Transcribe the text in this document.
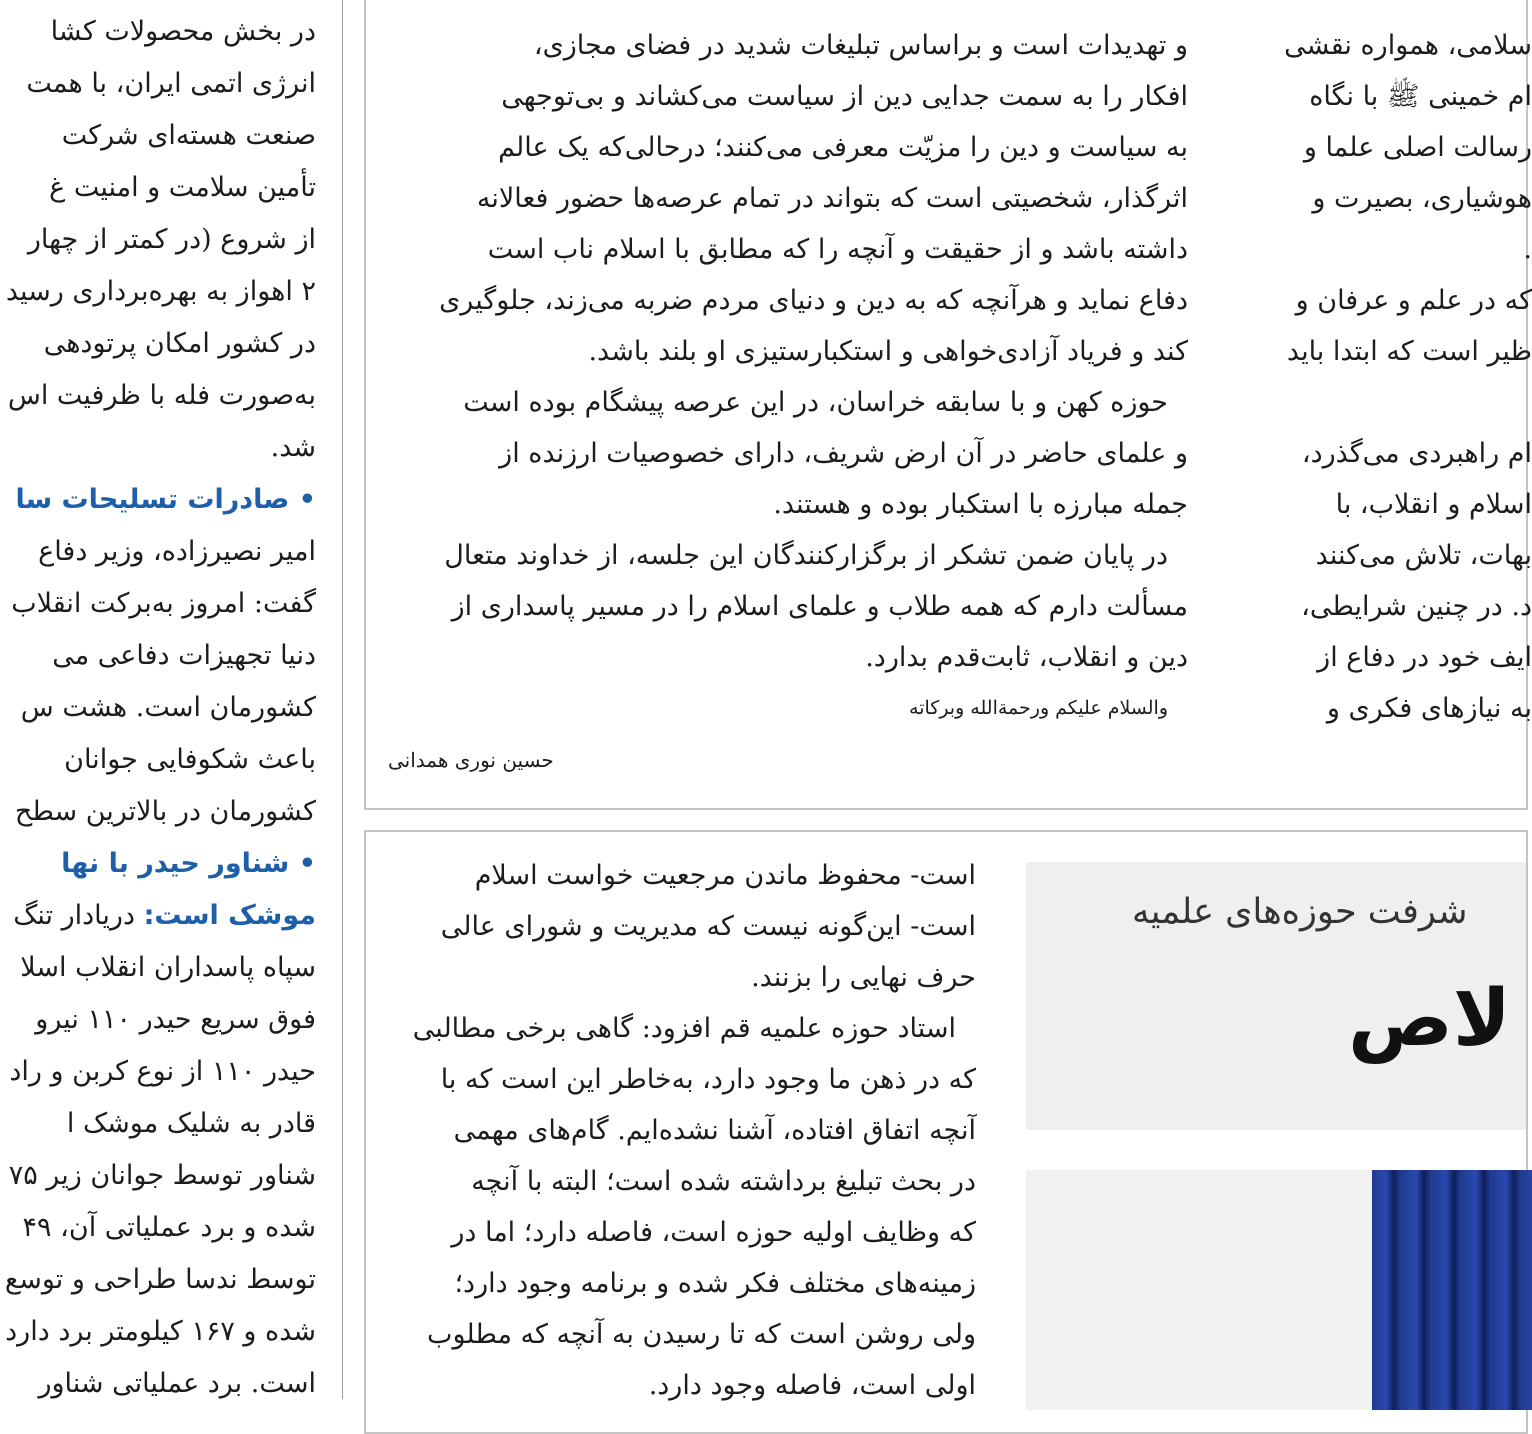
در بخش محصولات کشا
انرژی اتمی ایران، با همت
صنعت هسته‌ای شرکت
تأمین سلامت و امنیت غ
از شروع (در کمتر از چهار
۲ اهواز به بهره‌برداری رسید
در کشور امکان پرتودهی
به‌صورت فله با ظرفیت اس
شد.
• صادرات تسلیحات سا
امیر نصیرزاده، وزیر دفاع
گفت: امروز به‌برکت انقلاب
دنیا تجهیزات دفاعی می
کشورمان است. هشت س
باعث شکوفایی جوانان
کشورمان در بالاترین سطح
• شناور حیدر با نها
موشک است: دریادار تنگ
سپاه پاسداران انقلاب اسلا
فوق سریع حیدر ۱۱۰ نیرو
حیدر ۱۱۰ از نوع کربن و راد
قادر به شلیک موشک ا
شناور توسط جوانان زیر ۷۵
شده و برد عملیاتی آن، ۴۹
توسط ندسا طراحی و توسع
شده و ۱۶۷ کیلومتر برد دارد
است. برد عملیاتی شناور
و تهدیدات است و براساس تبلیغات شدید در فضای مجازی،
افکار را به سمت جدایی دین از سیاست می‌کشاند و بی‌توجهی
به سیاست و دین را مزیّت معرفی می‌کنند؛ درحالی‌که یک عالم
اثرگذار، شخصیتی است که بتواند در تمام عرصه‌ها حضور فعالانه
داشته باشد و از حقیقت و آنچه را که مطابق با اسلام ناب است
دفاع نماید و هرآنچه که به دین و دنیای مردم ضربه می‌زند، جلوگیری
کند و فریاد آزادی‌خواهی و استکبارستیزی او بلند باشد.
حوزه کهن و با سابقه خراسان، در این عرصه پیشگام بوده است
و علمای حاضر در آن ارض شریف، دارای خصوصیات ارزنده از
جمله مبارزه با استکبار بوده و هستند.
در پایان ضمن تشکر از برگزارکنندگان این جلسه، از خداوند متعال
مسألت دارم که همه طلاب و علمای اسلام را در مسیر پاسداری از
دین و انقلاب، ثابت‌قدم بدارد.
والسلام علیکم ورحمة‌الله وبرکاته
حسین نوری همدانی
سلامی، همواره نقشی
ام خمینی ﷺ با نگاه
رسالت اصلی علما و
هوشیاری، بصیرت و
.
که در علم و عرفان و
ظیر است که ابتدا باید
ام راهبردی می‌گذرد،
اسلام و انقلاب، با
بهات، تلاش می‌کنند
د. در چنین شرایطی،
ایف خود در دفاع از
به نیازهای فکری و
است- محفوظ ماندن مرجعیت خواست اسلام
است- این‌گونه نیست که مدیریت و شورای عالی
حرف نهایی را بزنند.
استاد حوزه علمیه قم افزود: گاهی برخی مطالبی
که در ذهن ما وجود دارد، به‌خاطر این است که با
آنچه اتفاق افتاده، آشنا نشده‌ایم. گام‌های مهمی
در بحث تبلیغ برداشته شده است؛ البته با آنچه
که وظایف اولیه حوزه است، فاصله دارد؛ اما در
زمینه‌های مختلف فکر شده و برنامه وجود دارد؛
ولی روشن است که تا رسیدن به آنچه که مطلوب
اولی است، فاصله وجود دارد.
شرفت حوزه‌های علمیه
لاص
